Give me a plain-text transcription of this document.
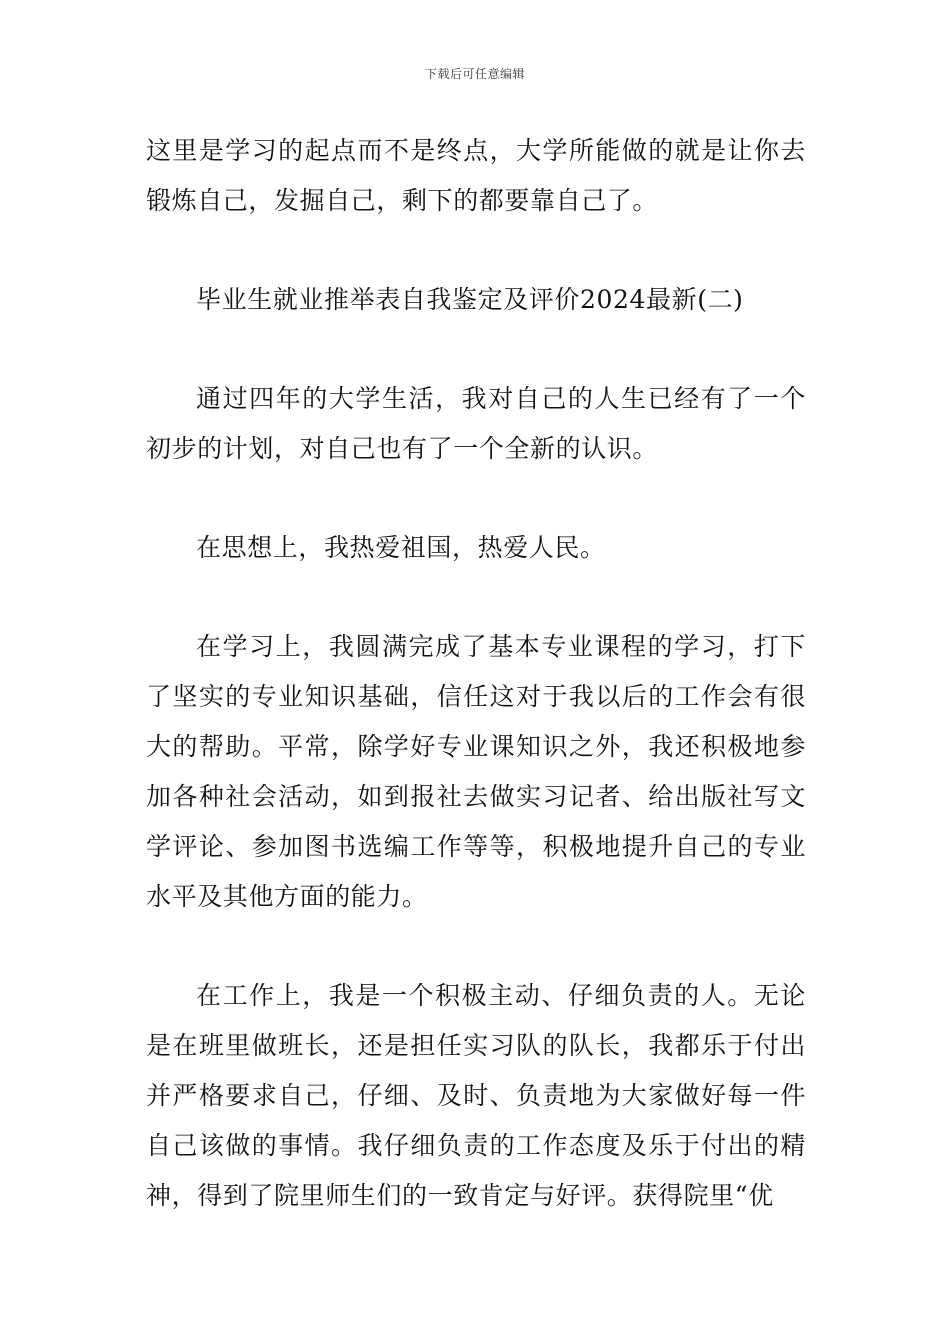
下载后可任意编辑

这里是学习的起点而不是终点，大学所能做的就是让你去锻炼自己，发掘自己，剩下的都要靠自己了。

毕业生就业推举表自我鉴定及评价2024最新(二)

通过四年的大学生活，我对自己的人生已经有了一个初步的计划，对自己也有了一个全新的认识。

在思想上，我热爱祖国，热爱人民。

在学习上，我圆满完成了基本专业课程的学习，打下了坚实的专业知识基础，信任这对于我以后的工作会有很大的帮助。平常，除学好专业课知识之外，我还积极地参加各种社会活动，如到报社去做实习记者、给出版社写文学评论、参加图书选编工作等等，积极地提升自己的专业水平及其他方面的能力。

在工作上，我是一个积极主动、仔细负责的人。无论是在班里做班长，还是担任实习队的队长，我都乐于付出并严格要求自己，仔细、及时、负责地为大家做好每一件自己该做的事情。我仔细负责的工作态度及乐于付出的精神，得到了院里师生们的一致肯定与好评。获得院里“优
